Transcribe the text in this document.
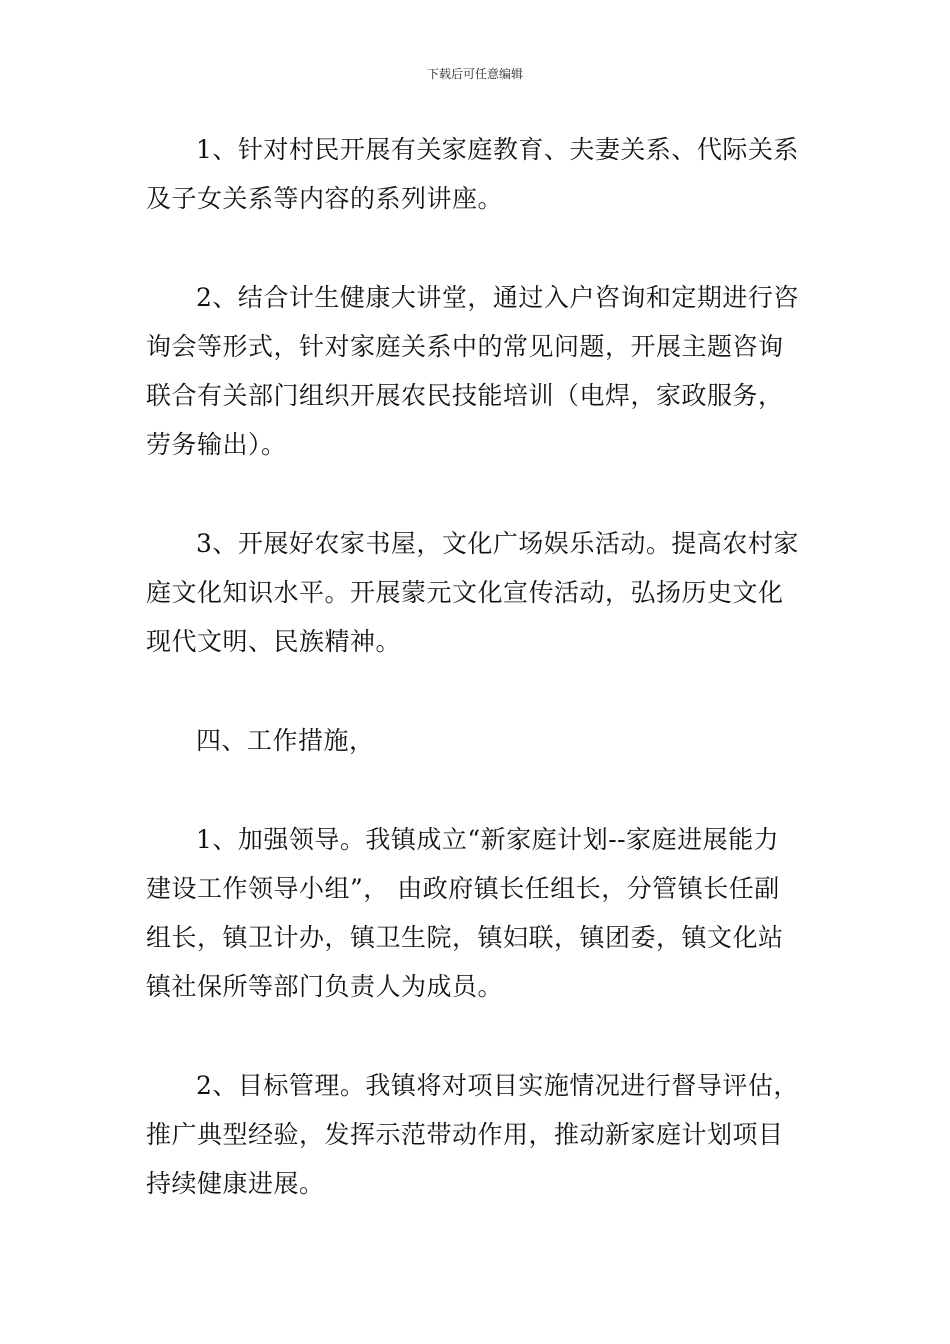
下载后可任意编辑

1、针对村民开展有关家庭教育、夫妻关系、代际关系
及子女关系等内容的系列讲座。

2、结合计生健康大讲堂，通过入户咨询和定期进行咨
询会等形式，针对家庭关系中的常见问题，开展主题咨询
联合有关部门组织开展农民技能培训（电焊，家政服务，
劳务输出）。

3、开展好农家书屋，文化广场娱乐活动。提高农村家
庭文化知识水平。开展蒙元文化宣传活动，弘扬历史文化
现代文明、民族精神。

四、工作措施，

1、加强领导。我镇成立“新家庭计划--家庭进展能力
建设工作领导小组”， 由政府镇长任组长，分管镇长任副
组长，镇卫计办，镇卫生院，镇妇联，镇团委，镇文化站
镇社保所等部门负责人为成员。

2、目标管理。我镇将对项目实施情况进行督导评估，
推广典型经验，发挥示范带动作用，推动新家庭计划项目
持续健康进展。
